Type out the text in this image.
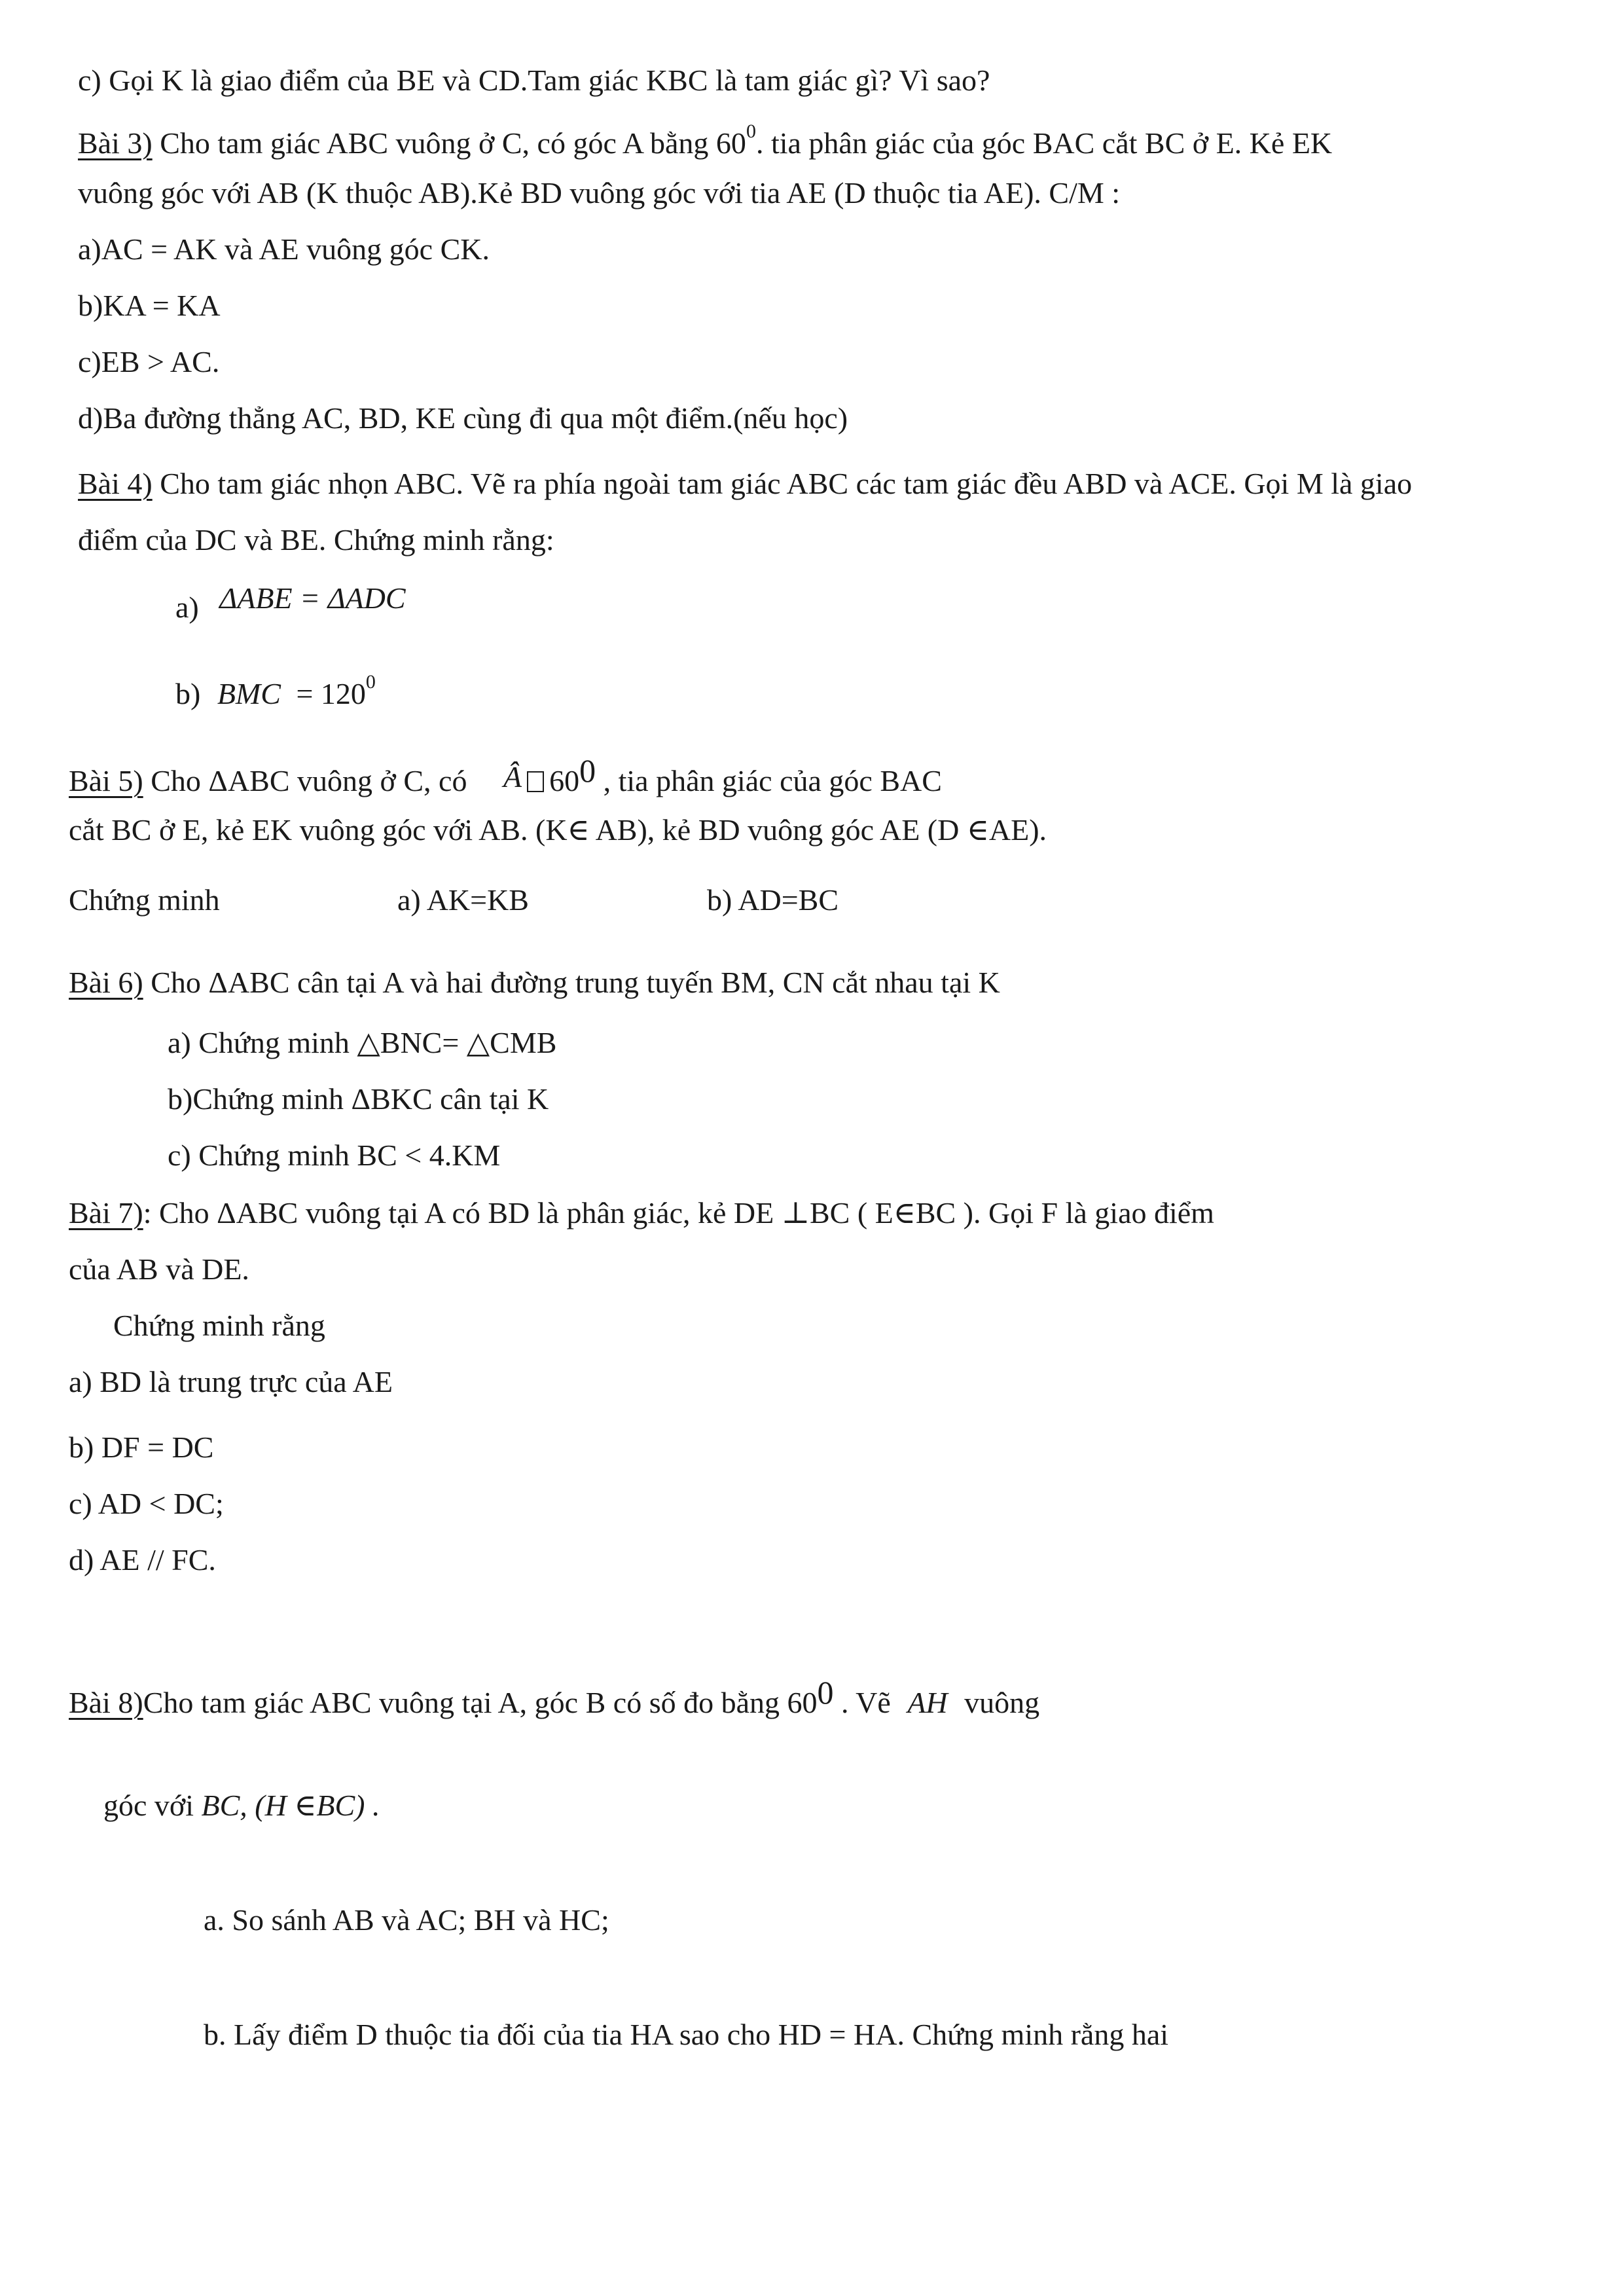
c) Gọi K là giao điểm của BE và CD.Tam giác KBC là tam giác gì? Vì sao?
Bài 3) Cho tam giác ABC vuông ở C, có góc A bằng $60^0$. tia phân giác của góc BAC cắt BC ở E. Kẻ EK
vuông góc với AB (K thuộc AB).Kẻ BD vuông góc với tia AE (D thuộc tia AE). C/M :
a)AC = AK và AE vuông góc CK.
b)KA = KA
c)EB > AC.
d)Ba đường thẳng AC, BD, KE cùng đi qua một điểm.(nếu học)
Bài 4) Cho tam giác nhọn ABC. Vẽ ra phía ngoài tam giác ABC các tam giác đều ABD và ACE. Gọi M là giao
điểm của DC và BE. Chứng minh rằng:
a) ΔABE = ΔADC
b) BMC = $120^0$
Bài 5) Cho ΔABC vuông ở C, có Â 600 , tia phân giác của góc BAC
cắt BC ở E, kẻ EK vuông góc với AB. (K∈ AB), kẻ BD vuông góc AE (D ∈AE).
Chứng minh	a) AK=KB	b) AD=BC
Bài 6) Cho ΔABC cân tại A và hai đường trung tuyến BM, CN cắt nhau tại K
a) Chứng minh △BNC= △CMB
b)Chứng minh ΔBKC cân tại K
c) Chứng minh BC < 4.KM
Bài 7): Cho ΔABC vuông tại A có BD là phân giác, kẻ DE ⊥BC ( E∈BC ). Gọi F là giao điểm
của AB và DE.
Chứng minh rằng
a) BD là trung trực của AE
b) DF = DC
c) AD < DC;
d) AE // FC.
Bài 8)Cho tam giác ABC vuông tại A, góc B có số đo bằng 600 . Vẽ AH vuông
góc với BC, (H ∈BC) .
a. So sánh AB và AC; BH và HC;
b. Lấy điểm D thuộc tia đối của tia HA sao cho HD = HA. Chứng minh rằng hai
